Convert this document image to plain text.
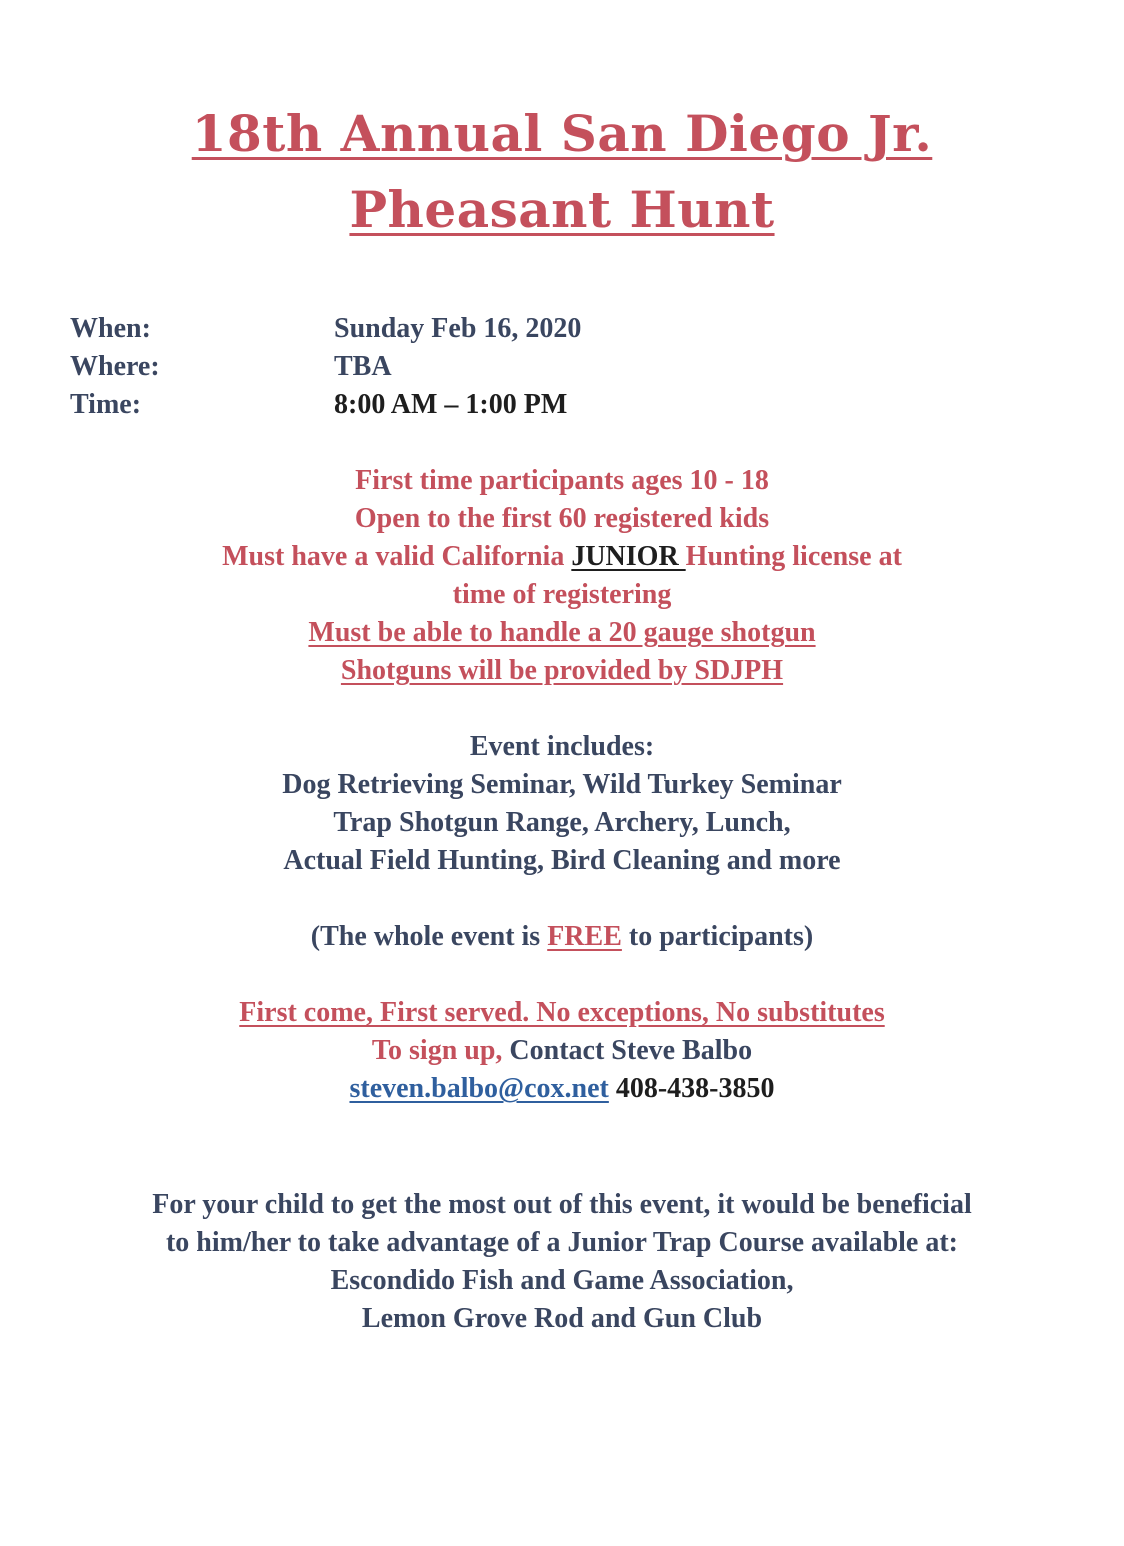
18th Annual San Diego Jr.
Pheasant Hunt
When:	Sunday Feb 16, 2020
Where:	TBA
Time:	8:00 AM – 1:00 PM
First time participants ages 10 - 18
Open to the first 60 registered kids
Must have a valid California JUNIOR Hunting license at
time of registering
Must be able to handle a 20 gauge shotgun
Shotguns will be provided by SDJPH
Event includes:
Dog Retrieving Seminar, Wild Turkey Seminar
Trap Shotgun Range, Archery, Lunch,
Actual Field Hunting, Bird Cleaning and more
(The whole event is FREE to participants)
First come, First served. No exceptions, No substitutes
To sign up, Contact Steve Balbo
steven.balbo@cox.net 408-438-3850
For your child to get the most out of this event, it would be beneficial
to him/her to take advantage of a Junior Trap Course available at:
Escondido Fish and Game Association,
Lemon Grove Rod and Gun Club
